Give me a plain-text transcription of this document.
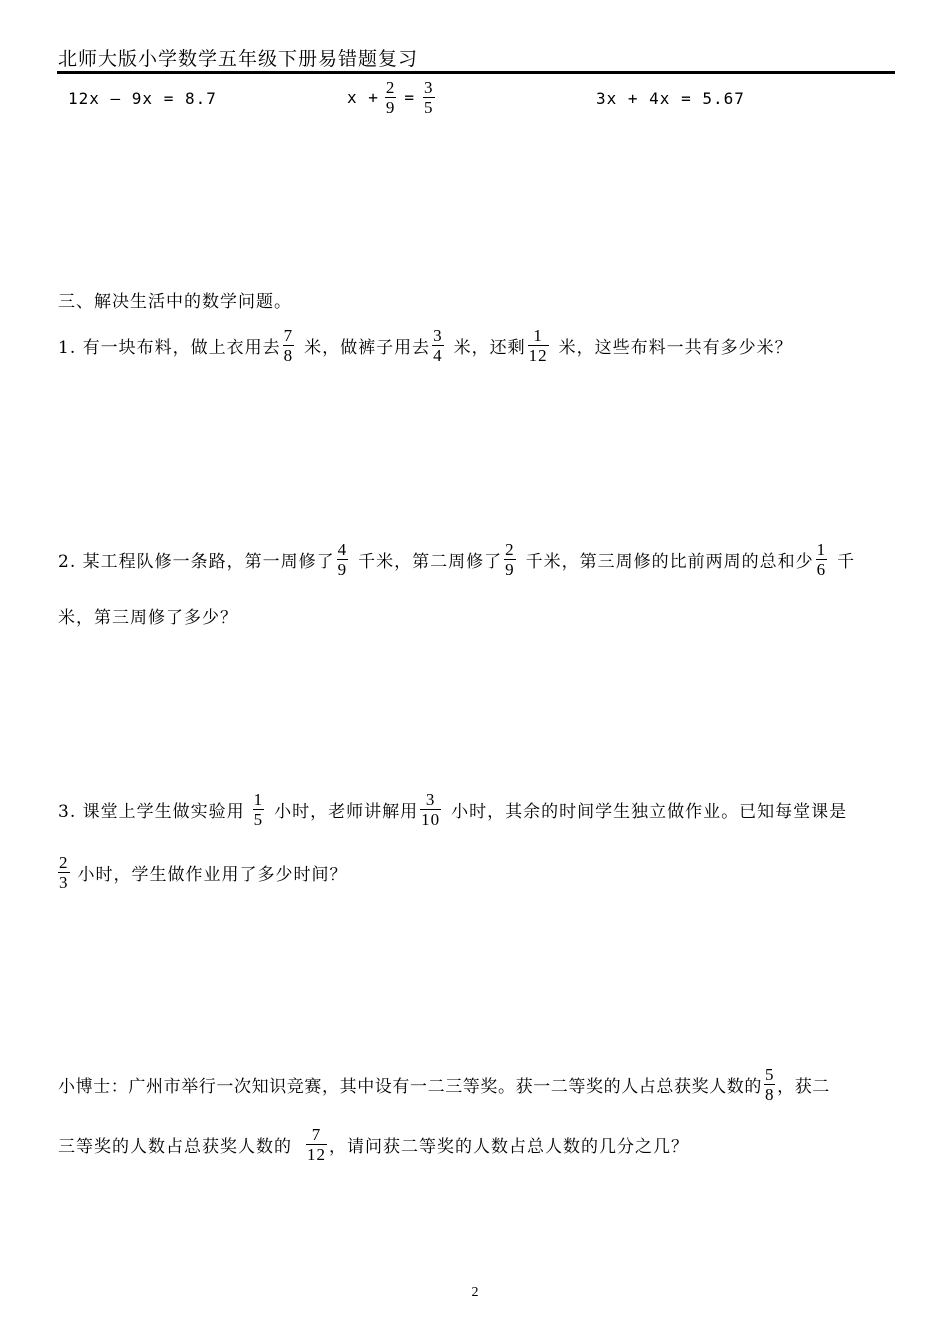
北师大版小学数学五年级下册易错题复习
12x — 9x = 8.7	$x + \frac{2}{9} = \frac{3}{5}$	3x + 4x = 5.67
三、解决生活中的数学问题。
1. 有一块布料，做上衣用去 $\frac{7}{8}$ 米，做裤子用去 $\frac{3}{4}$ 米，还剩 $\frac{1}{12}$ 米，这些布料一共有多少米？
2. 某工程队修一条路，第一周修了 $\frac{4}{9}$ 千米，第二周修了 $\frac{2}{9}$ 千米，第三周修的比前两周的总和少 $\frac{1}{6}$ 千
米，第三周修了多少？
3. 课堂上学生做实验用 $\frac{1}{5}$ 小时，老师讲解用 $\frac{3}{10}$ 小时，其余的时间学生独立做作业。已知每堂课是
$\frac{2}{3}$ 小时，学生做作业用了多少时间？
小博士：广州市举行一次知识竞赛，其中设有一二三等奖。获一二等奖的人占总获奖人数的 $\frac{5}{8}$ ，获二
三等奖的人数占总获奖人数的 $\frac{7}{12}$ ，请问获二等奖的人数占总人数的几分之几？
2
